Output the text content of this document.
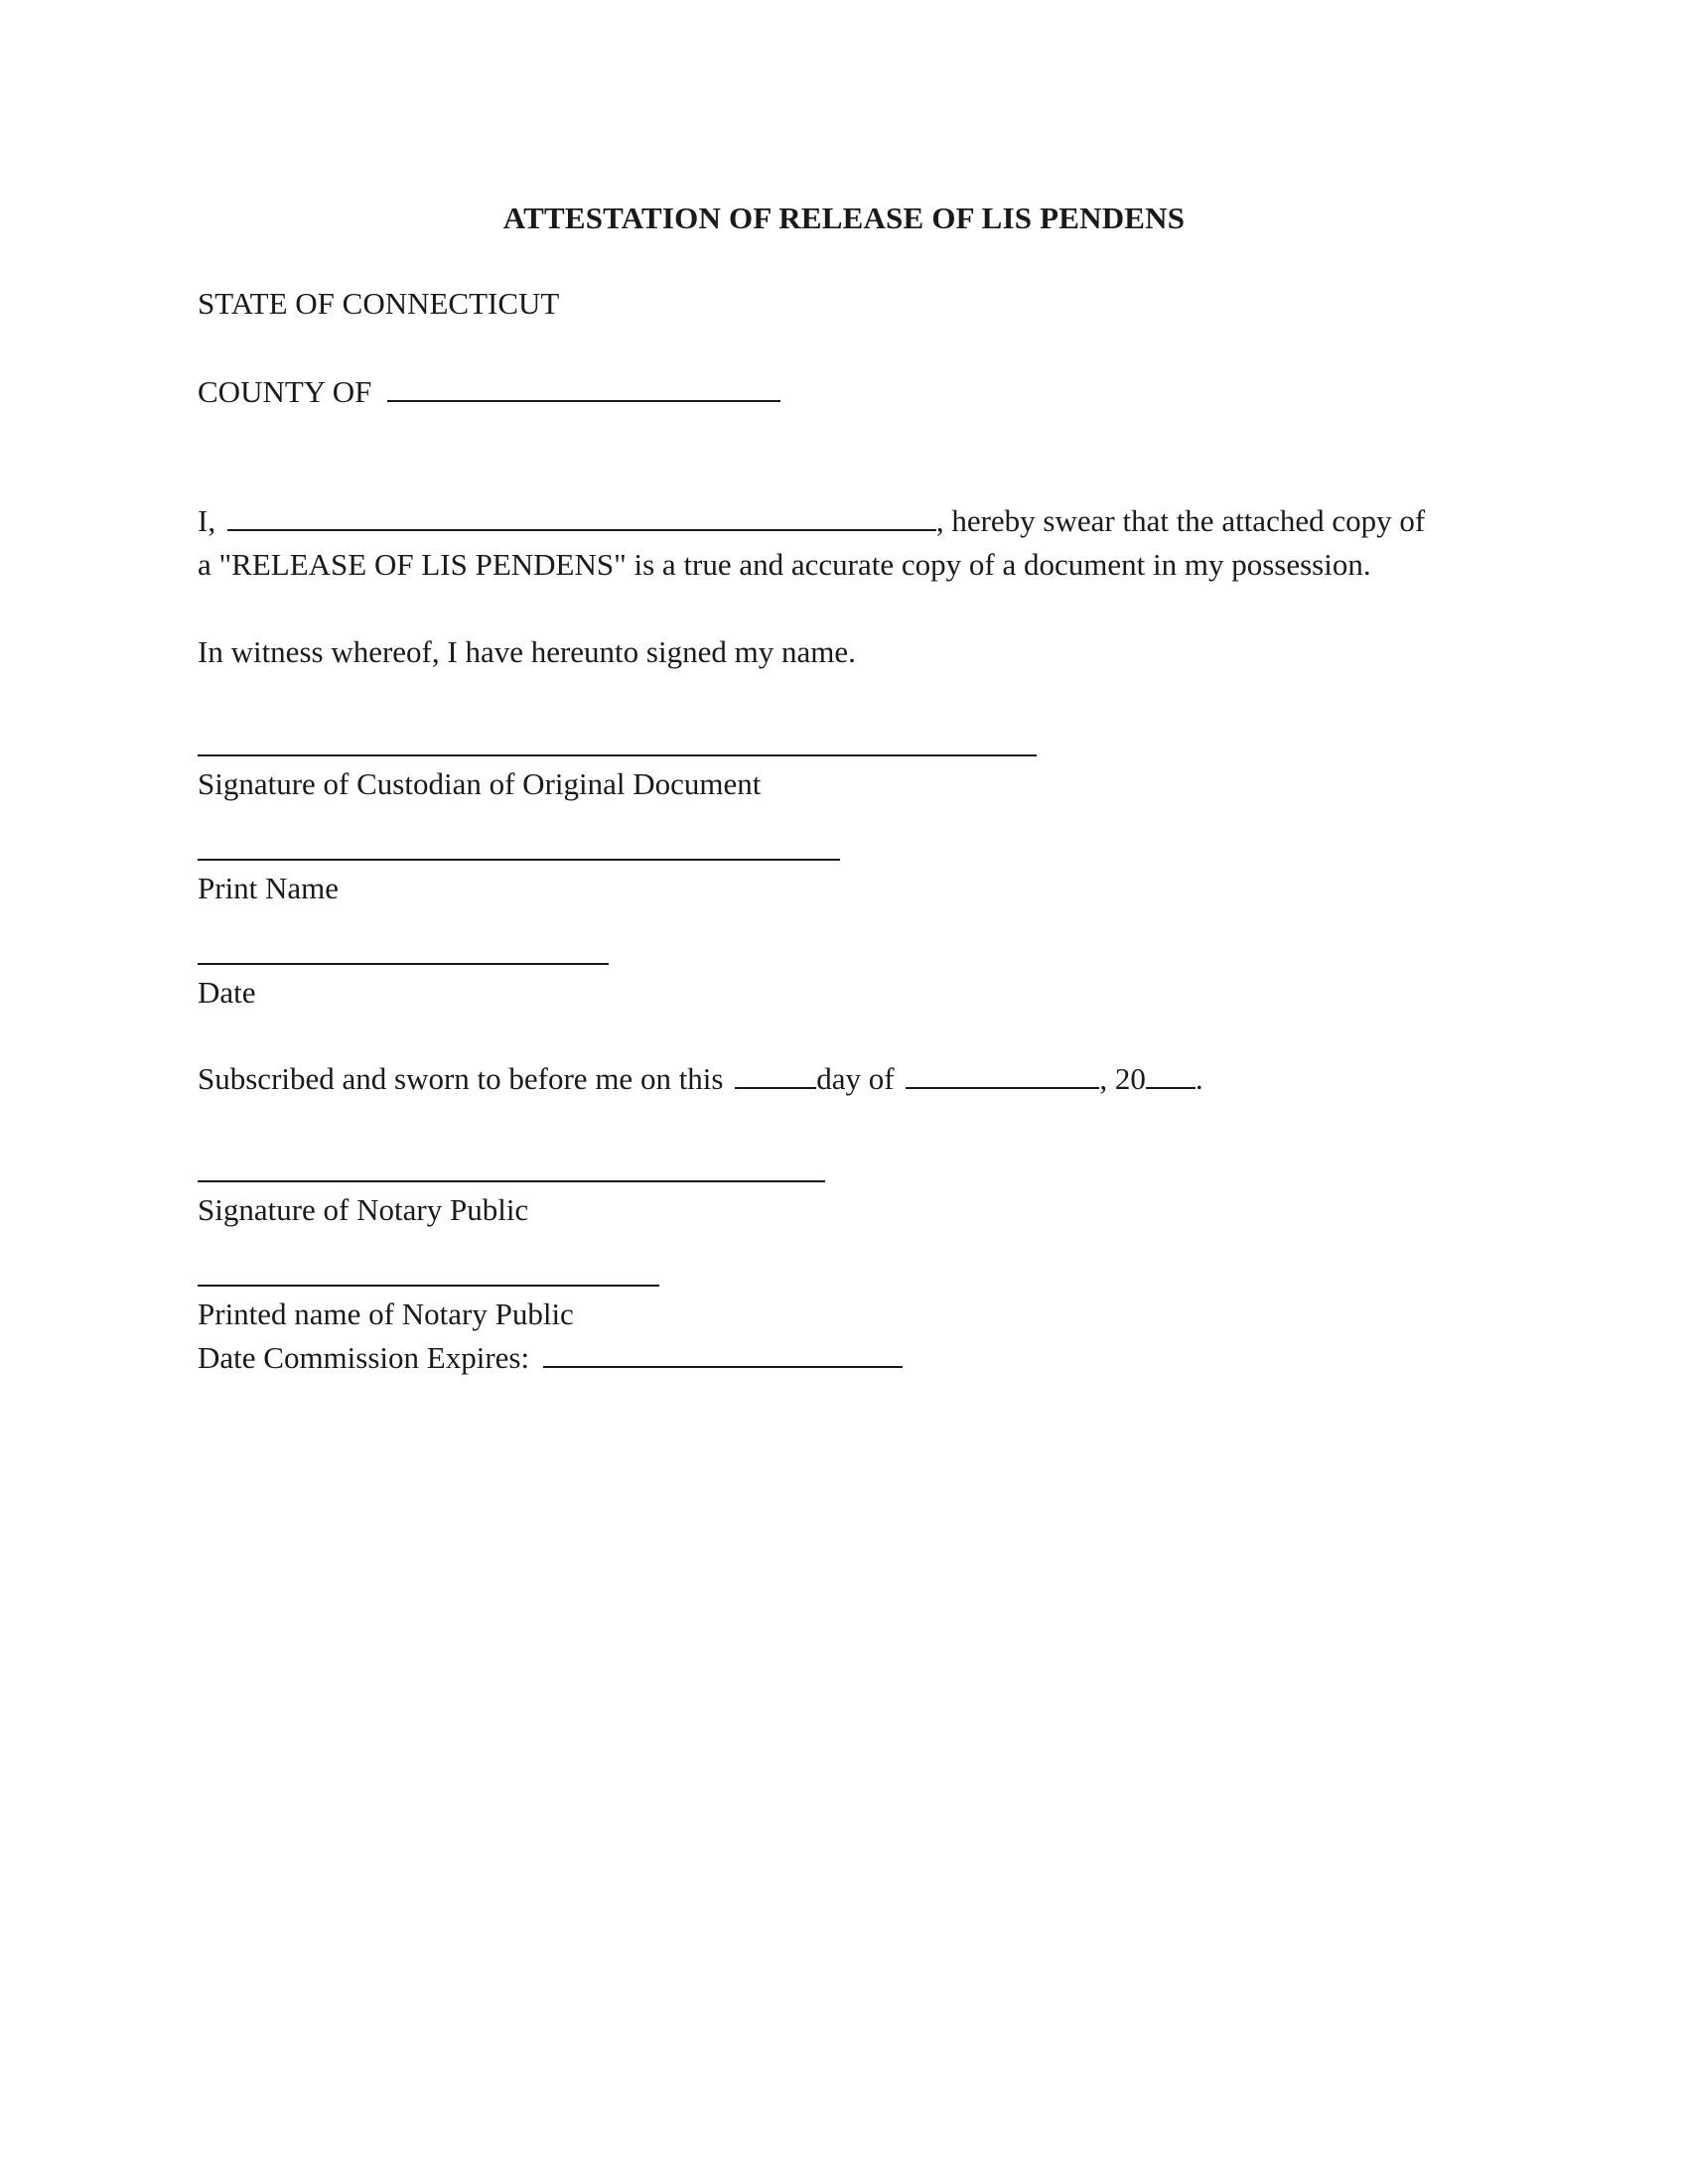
ATTESTATION OF RELEASE OF LIS PENDENS
STATE OF CONNECTICUT
COUNTY OF
I,	, hereby swear that the attached copy of
a "RELEASE OF LIS PENDENS" is a true and accurate copy of a document in my possession.
In witness whereof, I have hereunto signed my name.
Signature of Custodian of Original Document
Print Name
Date
Subscribed and sworn to before me on this	day of	, 20 .
Signature of Notary Public
Printed name of Notary Public
Date Commission Expires:
